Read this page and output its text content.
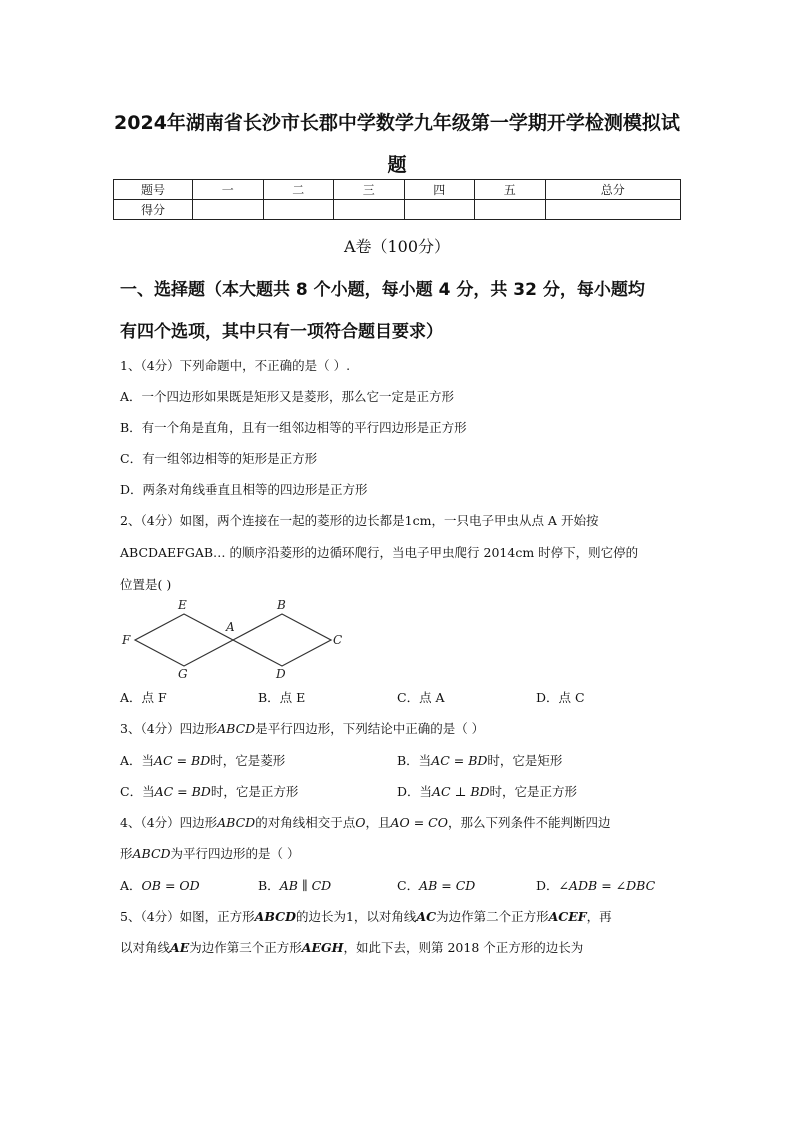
2024年湖南省长沙市长郡中学数学九年级第一学期开学检测模拟试
题
题号	一	二	三	四	五	总分
得分						
A卷（100分）
一、选择题（本大题共 8 个小题，每小题 4 分，共 32 分，每小题均
有四个选项，其中只有一项符合题目要求）
1、（4分）下列命题中，不正确的是（ ）.
A．一个四边形如果既是矩形又是菱形，那么它一定是正方形
B．有一个角是直角，且有一组邻边相等的平行四边形是正方形
C．有一组邻边相等的矩形是正方形
D．两条对角线垂直且相等的四边形是正方形
2、（4分）如图，两个连接在一起的菱形的边长都是1cm，一只电子甲虫从点 A 开始按
ABCDAEFGAB… 的顺序沿菱形的边循环爬行，当电子甲虫爬行 2014cm 时停下，则它停的
位置是( )
E	B
A
F	C
G	D
A．点 F	B．点 E	C．点 A	D．点 C
3、（4分）四边形ABCD是平行四边形，下列结论中正确的是（ ）
A．当AC = BD时，它是菱形	B．当AC = BD时，它是矩形
C．当AC = BD时，它是正方形	D．当AC ⊥ BD时，它是正方形
4、（4分）四边形ABCD的对角线相交于点O，且AO = CO，那么下列条件不能判断四边
形ABCD为平行四边形的是（ ）
A．OB = OD	B．AB ∥ CD	C．AB = CD	D．∠ADB = ∠DBC
5、（4分）如图，正方形ABCD的边长为1，以对角线AC为边作第二个正方形ACEF，再
以对角线AE为边作第三个正方形AEGH，如此下去，则第 2018 个正方形的边长为
